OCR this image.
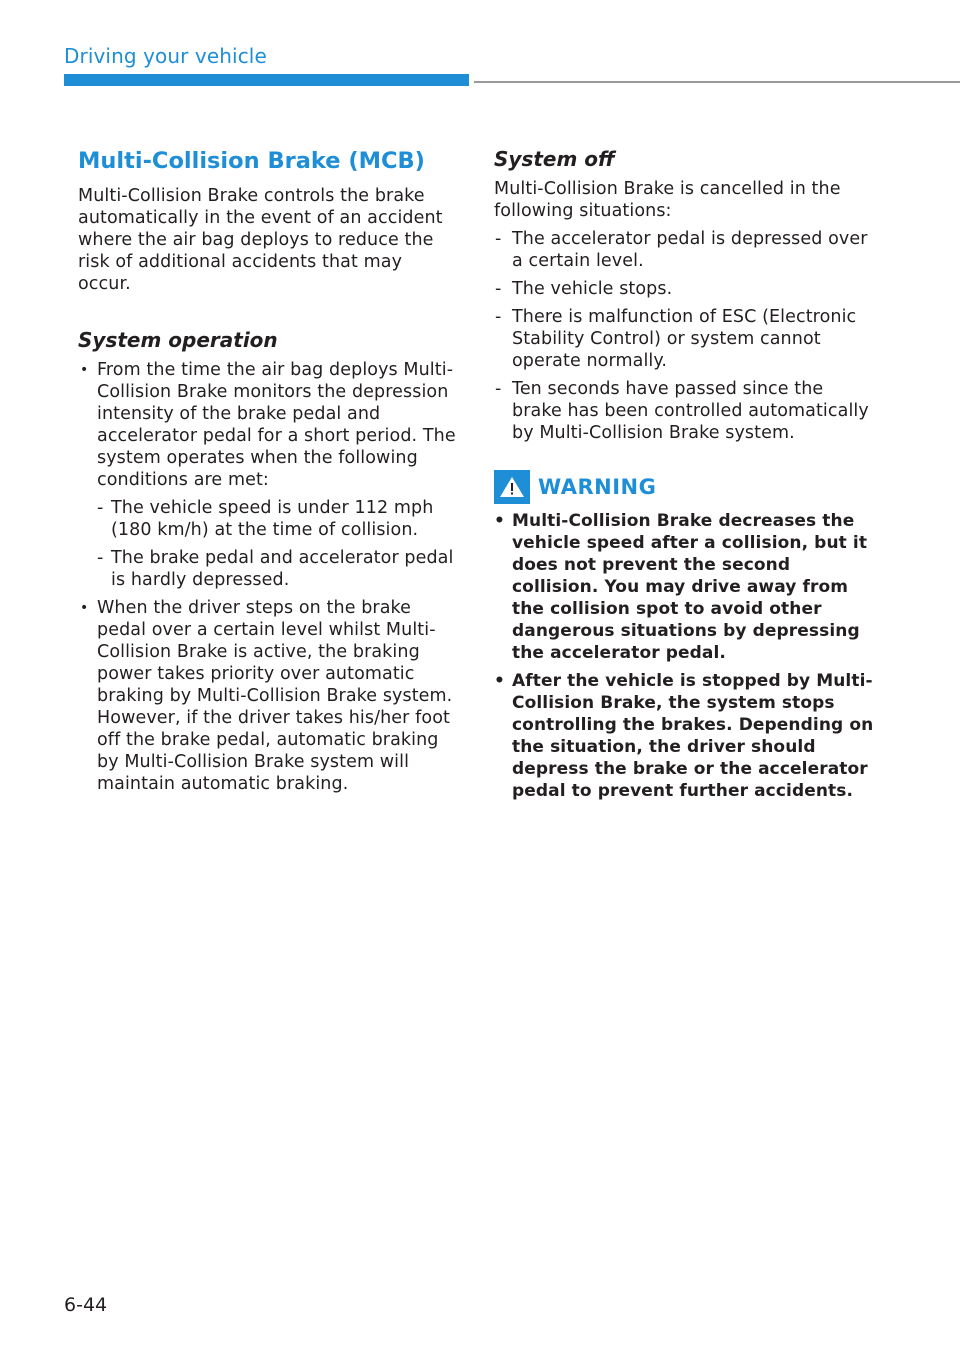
Driving your vehicle
Multi-Collision Brake (MCB)

Multi-Collision Brake controls the brake automatically in the event of an accident where the air bag deploys to reduce the risk of additional accidents that may occur.

System operation
• From the time the air bag deploys Multi-Collision Brake monitors the depression intensity of the brake pedal and accelerator pedal for a short period. The system operates when the following conditions are met:
- The vehicle speed is under 112 mph (180 km/h) at the time of collision.
- The brake pedal and accelerator pedal is hardly depressed.
• When the driver steps on the brake pedal over a certain level whilst Multi-Collision Brake is active, the braking power takes priority over automatic braking by Multi-Collision Brake system. However, if the driver takes his/her foot off the brake pedal, automatic braking by Multi-Collision Brake system will maintain automatic braking.
System off

Multi-Collision Brake is cancelled in the following situations:

- The accelerator pedal is depressed over a certain level.
- The vehicle stops.
- There is malfunction of ESC (Electronic Stability Control) or system cannot operate normally.
- Ten seconds have passed since the brake has been controlled automatically by Multi-Collision Brake system.
WARNING
• Multi-Collision Brake decreases the vehicle speed after a collision, but it does not prevent the second collision. You may drive away from the collision spot to avoid other dangerous situations by depressing the accelerator pedal.
• After the vehicle is stopped by Multi-Collision Brake, the system stops controlling the brakes. Depending on the situation, the driver should depress the brake or the accelerator pedal to prevent further accidents.
6-44
